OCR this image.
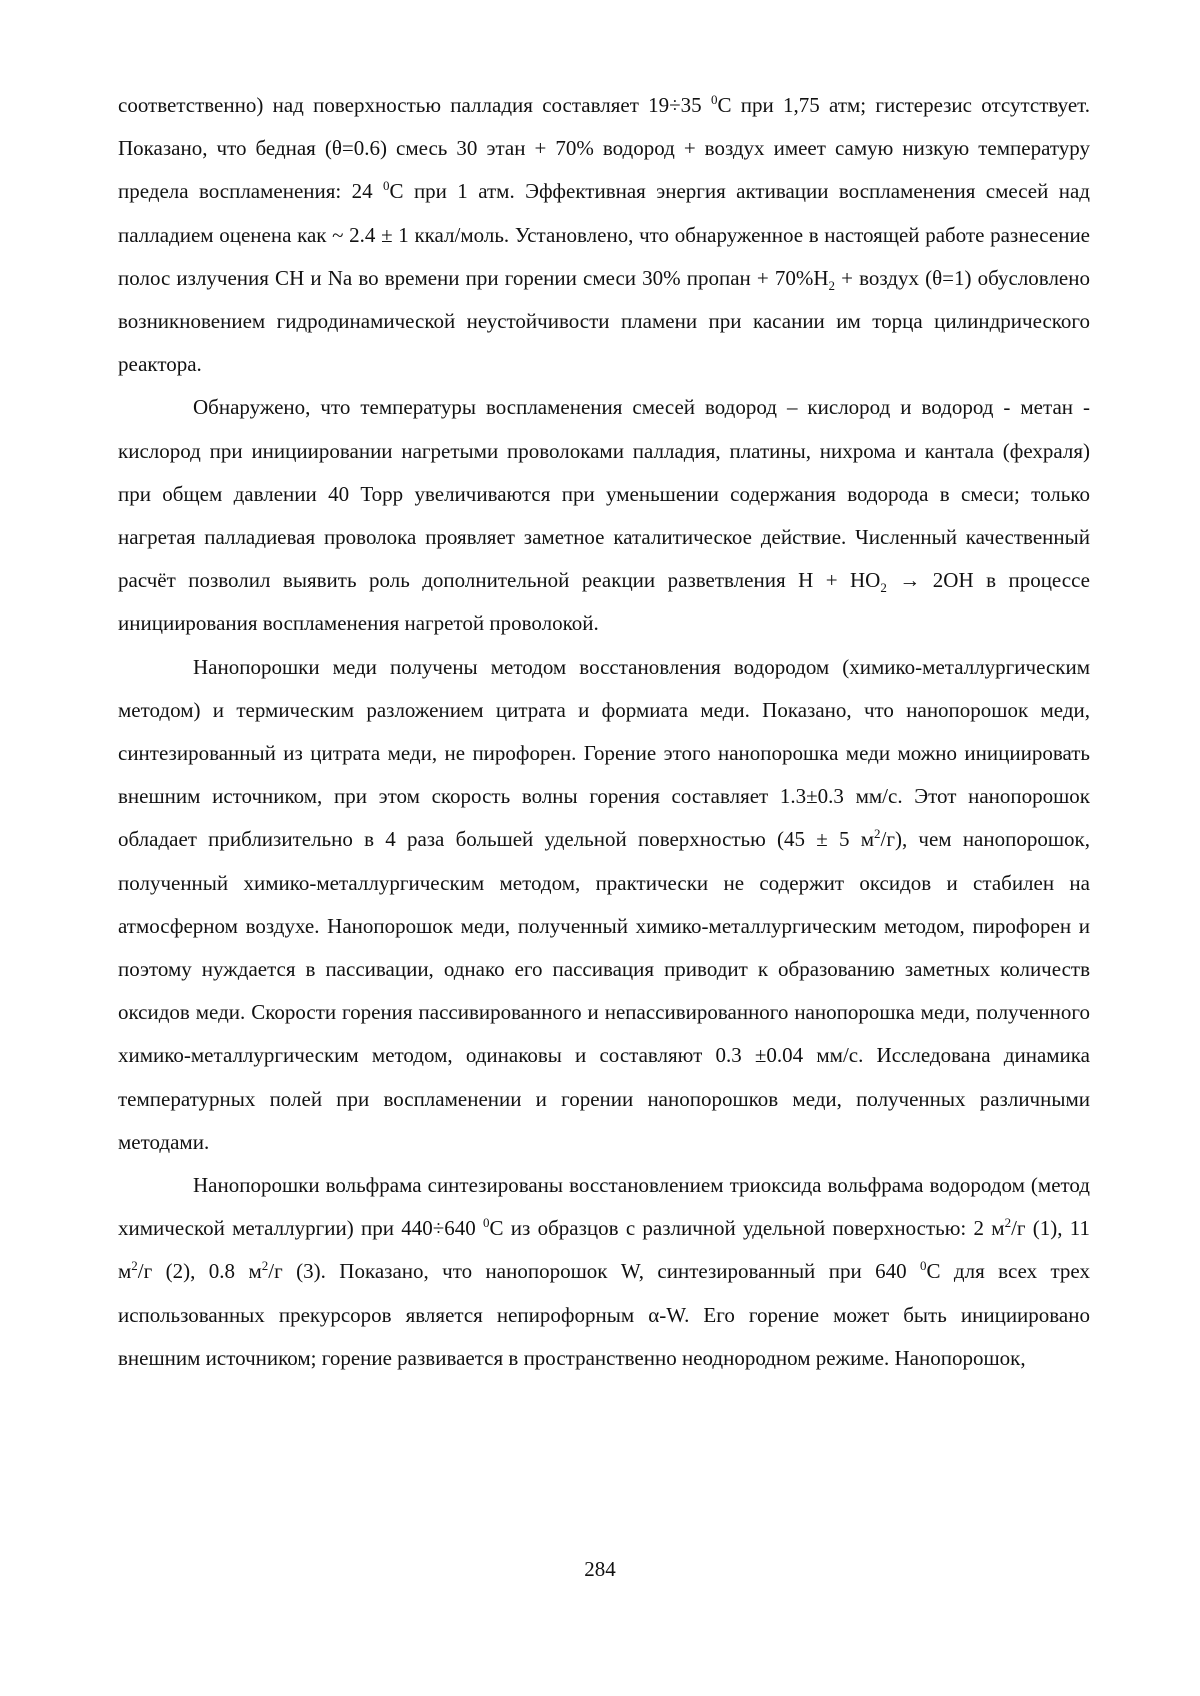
соответственно) над поверхностью палладия составляет 19÷35 $^0$С при 1,75 атм; гистерезис отсутствует. Показано, что бедная (θ=0.6) смесь 30 этан + 70% водород + воздух имеет самую низкую температуру предела воспламенения: 24 $^0$С при 1 атм. Эффективная энергия активации воспламенения смесей над палладием оценена как ~ 2.4 ± 1 ккал/моль. Установлено, что обнаруженное в настоящей работе разнесение полос излучения CH и Na во времени при горении смеси 30% пропан + $70\%H_2$ + воздух (θ=1) обусловлено возникновением гидродинамической неустойчивости пламени при касании им торца цилиндрического реактора.

Обнаружено, что температуры воспламенения смесей водород – кислород и водород - метан - кислород при инициировании нагретыми проволоками палладия, платины, нихрома и кантала (фехраля) при общем давлении 40 Торр увеличиваются при уменьшении содержания водорода в смеси; только нагретая палладиевая проволока проявляет заметное каталитическое действие. Численный качественный расчёт позволил выявить роль дополнительной реакции разветвления $H + HO_2 \to 2OH$ в процессе инициирования воспламенения нагретой проволокой.

Нанопорошки меди получены методом восстановления водородом (химико-металлургическим методом) и термическим разложением цитрата и формиата меди. Показано, что нанопорошок меди, синтезированный из цитрата меди, не пирофорен. Горение этого нанопорошка меди можно инициировать внешним источником, при этом скорость волны горения составляет 1.3±0.3 мм/с. Этот нанопорошок обладает приблизительно в 4 раза большей удельной поверхностью (45 ± 5 $м^2/г$), чем нанопорошок, полученный химико-металлургическим методом, практически не содержит оксидов и стабилен на атмосферном воздухе. Нанопорошок меди, полученный химико-металлургическим методом, пирофорен и поэтому нуждается в пассивации, однако его пассивация приводит к образованию заметных количеств оксидов меди. Скорости горения пассивированного и непассивированного нанопорошка меди, полученного химико-металлургическим методом, одинаковы и составляют 0.3 ±0.04 мм/с. Исследована динамика температурных полей при воспламенении и горении нанопорошков меди, полученных различными методами.

Нанопорошки вольфрама синтезированы восстановлением триоксида вольфрама водородом (метод химической металлургии) при 440÷640 $^0$С из образцов с различной удельной поверхностью: 2 $м^2/г$ (1), 11 $м^2/г$ (2), 0.8 $м^2/г$ (3). Показано, что нанопорошок W, синтезированный при 640 $^0$С для всех трех использованных прекурсоров является непирофорным α-W. Его горение может быть инициировано внешним источником; горение развивается в пространственно неоднородном режиме. Нанопорошок,

284
